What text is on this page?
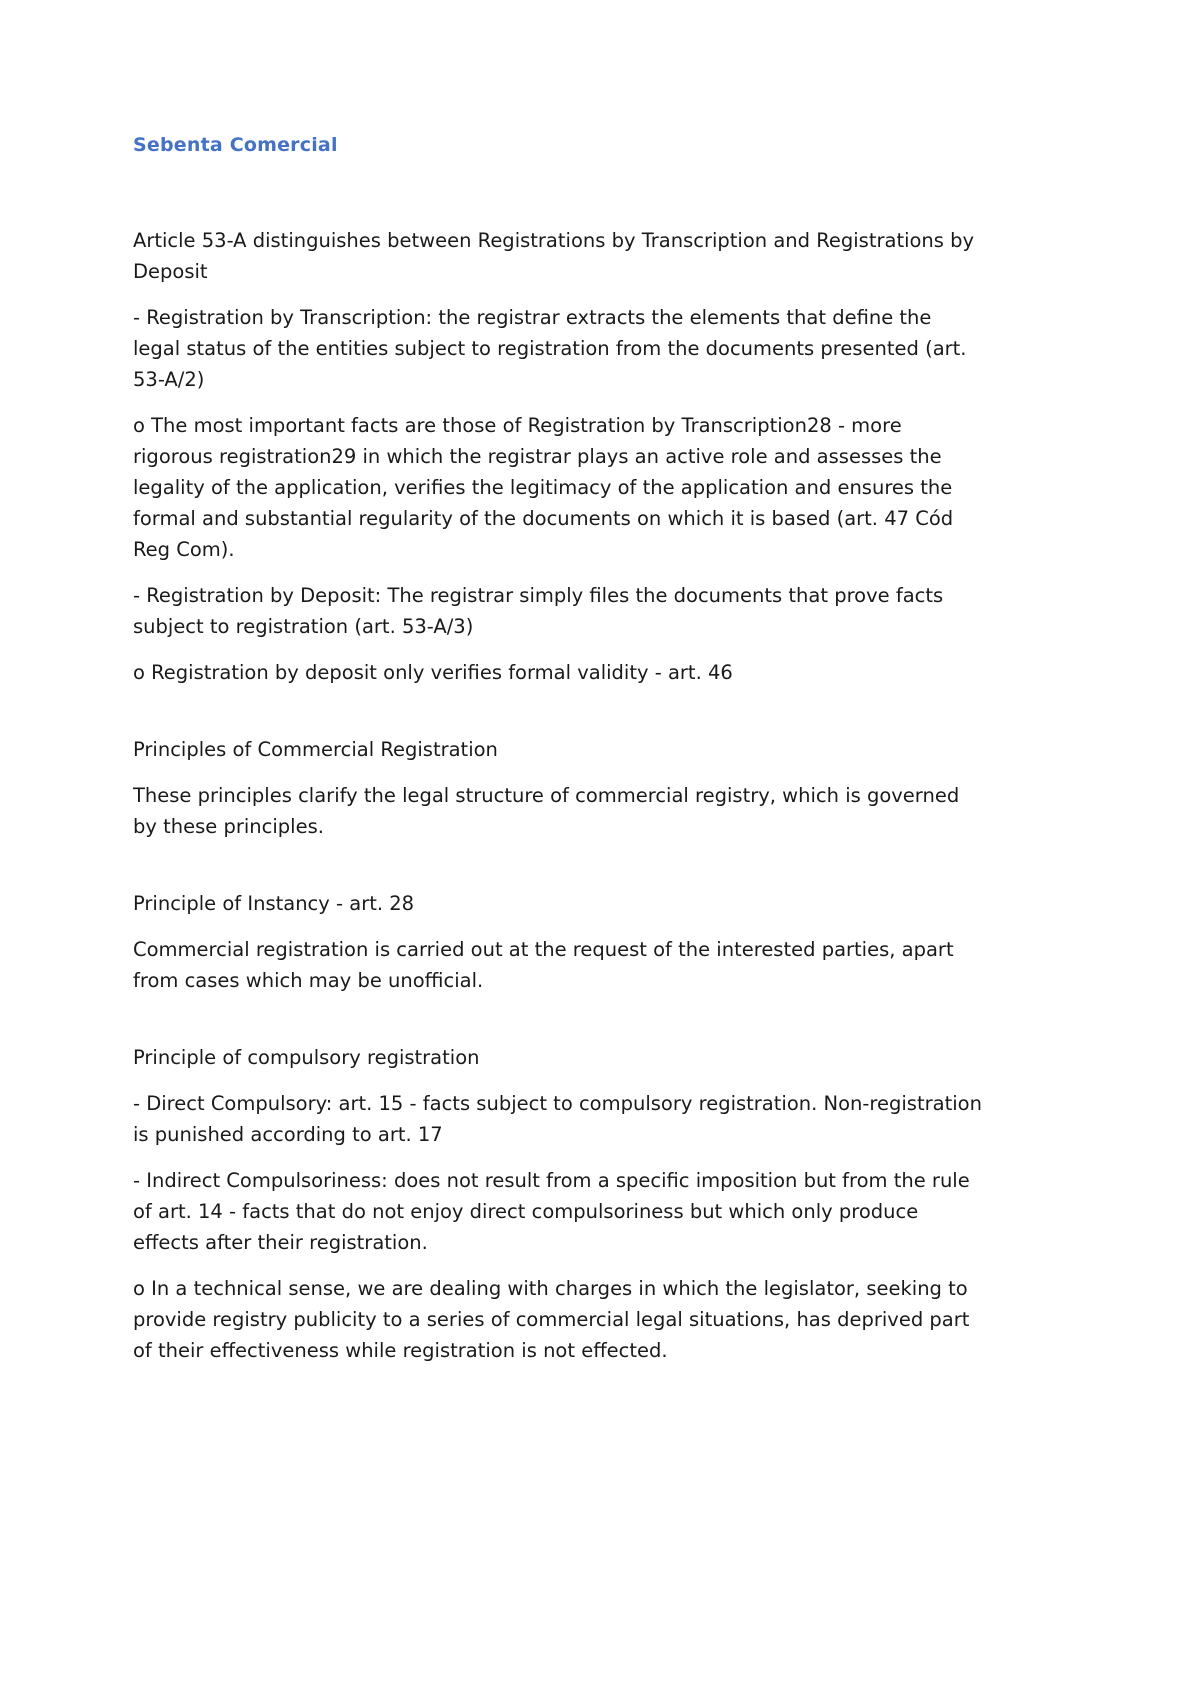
Sebenta Comercial

Article 53-A distinguishes between Registrations by Transcription and Registrations by Deposit

- Registration by Transcription: the registrar extracts the elements that define the legal status of the entities subject to registration from the documents presented (art. 53-A/2)

o The most important facts are those of Registration by Transcription28 - more rigorous registration29 in which the registrar plays an active role and assesses the legality of the application, verifies the legitimacy of the application and ensures the formal and substantial regularity of the documents on which it is based (art. 47 Cód Reg Com).

- Registration by Deposit: The registrar simply files the documents that prove facts subject to registration (art. 53-A/3)

o Registration by deposit only verifies formal validity - art. 46

Principles of Commercial Registration

These principles clarify the legal structure of commercial registry, which is governed by these principles.

Principle of Instancy - art. 28

Commercial registration is carried out at the request of the interested parties, apart from cases which may be unofficial.

Principle of compulsory registration

- Direct Compulsory: art. 15 - facts subject to compulsory registration. Non-registration is punished according to art. 17

- Indirect Compulsoriness: does not result from a specific imposition but from the rule of art. 14 - facts that do not enjoy direct compulsoriness but which only produce effects after their registration.

o In a technical sense, we are dealing with charges in which the legislator, seeking to provide registry publicity to a series of commercial legal situations, has deprived part of their effectiveness while registration is not effected.
